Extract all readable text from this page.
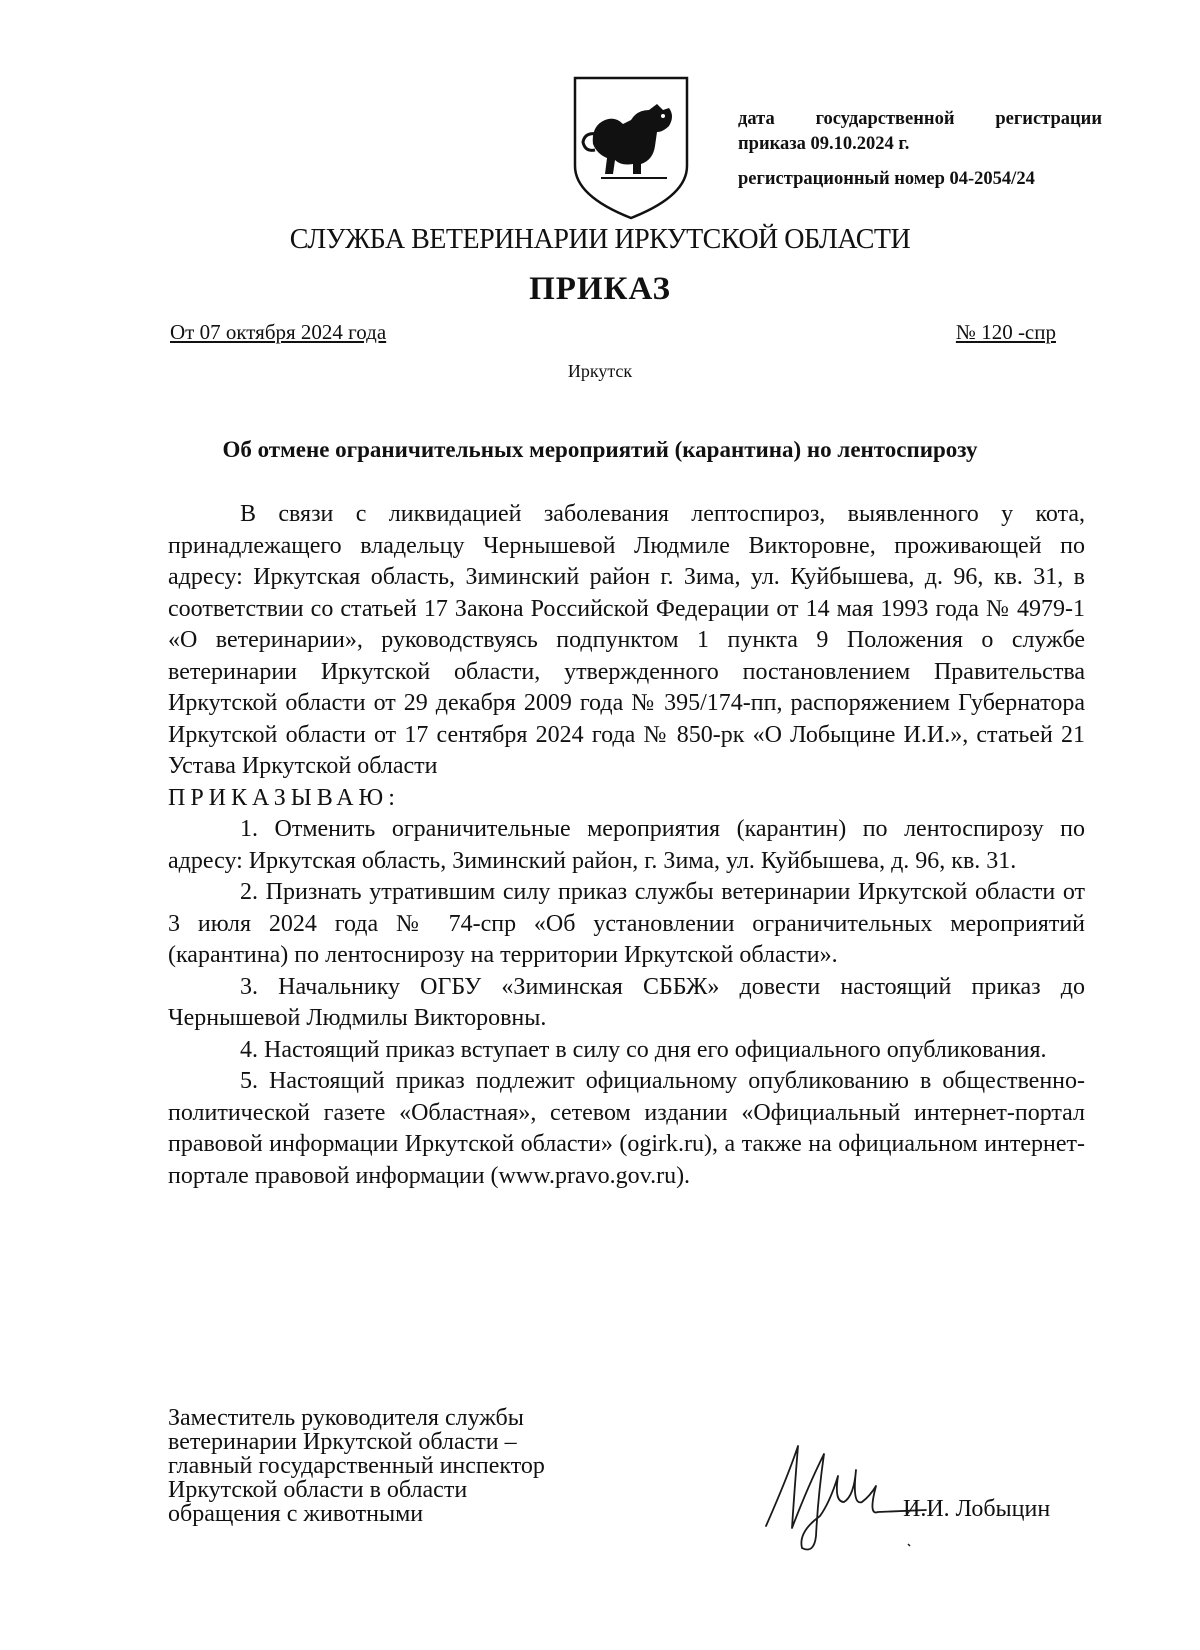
дата государственной регистрации
приказа 09.10.2024 г.
регистрационный номер 04-2054/24
СЛУЖБА ВЕТЕРИНАРИИ ИРКУТСКОЙ ОБЛАСТИ
ПРИКАЗ
От 07 октября 2024 года	№ 120 -спр
Иркутск
Об отмене ограничительных мероприятий (карантина) но лентоспирозу

В связи с ликвидацией заболевания лептоспироз, выявленного у кота, принадлежащего владельцу Чернышевой Людмиле Викторовне, проживающей по адресу: Иркутская область, Зиминский район г. Зима, ул. Куйбышева, д. 96, кв. 31, в соответствии со статьей 17 Закона Российской Федерации от 14 мая 1993 года № 4979-1 «О ветеринарии», руководствуясь подпунктом 1 пункта 9 Положения о службе ветеринарии Иркутской области, утвержденного постановлением Правительства Иркутской области от 29 декабря 2009 года № 395/174-пп, распоряжением Губернатора Иркутской области от 17 сентября 2024 года № 850-рк «О Лобыцине И.И.», статьей 21 Устава Иркутской области

ПРИКАЗЫВАЮ:

1. Отменить ограничительные мероприятия (карантин) по лентоспирозу по адресу: Иркутская область, Зиминский район, г. Зима, ул. Куйбышева, д. 96, кв. 31.

2. Признать утратившим силу приказ службы ветеринарии Иркутской области от 3 июля 2024 года № 74-спр «Об установлении ограничительных мероприятий (карантина) по лентоснирозу на территории Иркутской области».

3. Начальнику ОГБУ «Зиминская СББЖ» довести настоящий приказ до Чернышевой Людмилы Викторовны.

4. Настоящий приказ вступает в силу со дня его официального опубликования.

5. Настоящий приказ подлежит официальному опубликованию в общественно-политической газете «Областная», сетевом издании «Официальный интернет-портал правовой информации Иркутской области» (ogirk.ru), а также на официальном интернет-портале правовой информации (www.pravo.gov.ru).

Заместитель руководителя службы

ветеринарии Иркутской области –

главный государственный инспектор

Иркутской области в области

обращения с животными	И.И. Лобыцин
